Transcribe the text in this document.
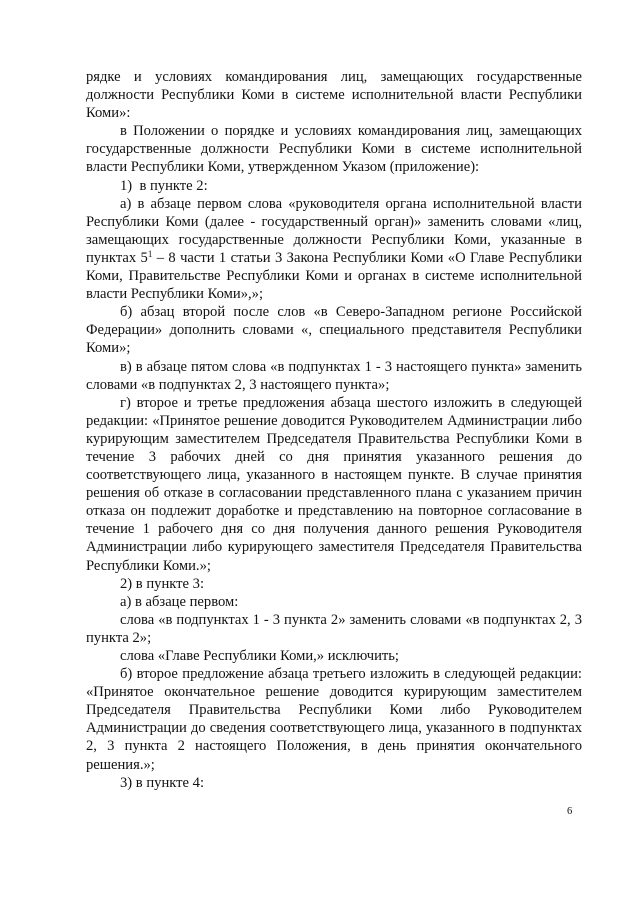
рядке и условиях командирования лиц, замещающих государственные должности Республики Коми в системе исполнительной власти Республики Коми»:

в Положении о порядке и условиях командирования лиц, замещающих государственные должности Республики Коми в системе исполнительной власти Республики Коми, утвержденном Указом (приложение):

1)  в пункте 2:

а) в абзаце первом слова «руководителя органа исполнительной власти Республики Коми (далее - государственный орган)» заменить словами «лиц, замещающих государственные должности Республики Коми, указанные в пунктах $5^1 - 8$ части 1 статьи 3 Закона Республики Коми «О Главе Республики Коми, Правительстве Республики Коми и органах в системе исполнительной власти Республики Коми»,»;

б) абзац второй после слов «в Северо-Западном регионе Российской Федерации» дополнить словами «, специального представителя Республики Коми»;

в) в абзаце пятом слова «в подпунктах 1 - 3 настоящего пункта» заменить словами «в подпунктах 2, 3 настоящего пункта»;

г) второе и третье предложения абзаца шестого изложить в следующей редакции: «Принятое решение доводится Руководителем Администрации либо курирующим заместителем Председателя Правительства Республики Коми в течение 3 рабочих дней со дня принятия указанного решения до соответствующего лица, указанного в настоящем пункте. В случае принятия решения об отказе в согласовании представленного плана с указанием причин отказа он подлежит доработке и представлению на повторное согласование в течение 1 рабочего дня со дня получения данного решения Руководителя Администрации либо курирующего заместителя Председателя Правительства Республики Коми.»;

2) в пункте 3:

а) в абзаце первом:

слова «в подпунктах 1 - 3 пункта 2» заменить словами «в подпунктах 2, 3 пункта 2»;

слова «Главе Республики Коми,» исключить;

б) второе предложение абзаца третьего изложить в следующей редакции: «Принятое окончательное решение доводится курирующим заместителем Председателя Правительства Республики Коми либо Руководителем Администрации до сведения соответствующего лица, указанного в подпунктах 2, 3 пункта 2 настоящего Положения, в день принятия окончательного решения.»;

3) в пункте 4:

6
